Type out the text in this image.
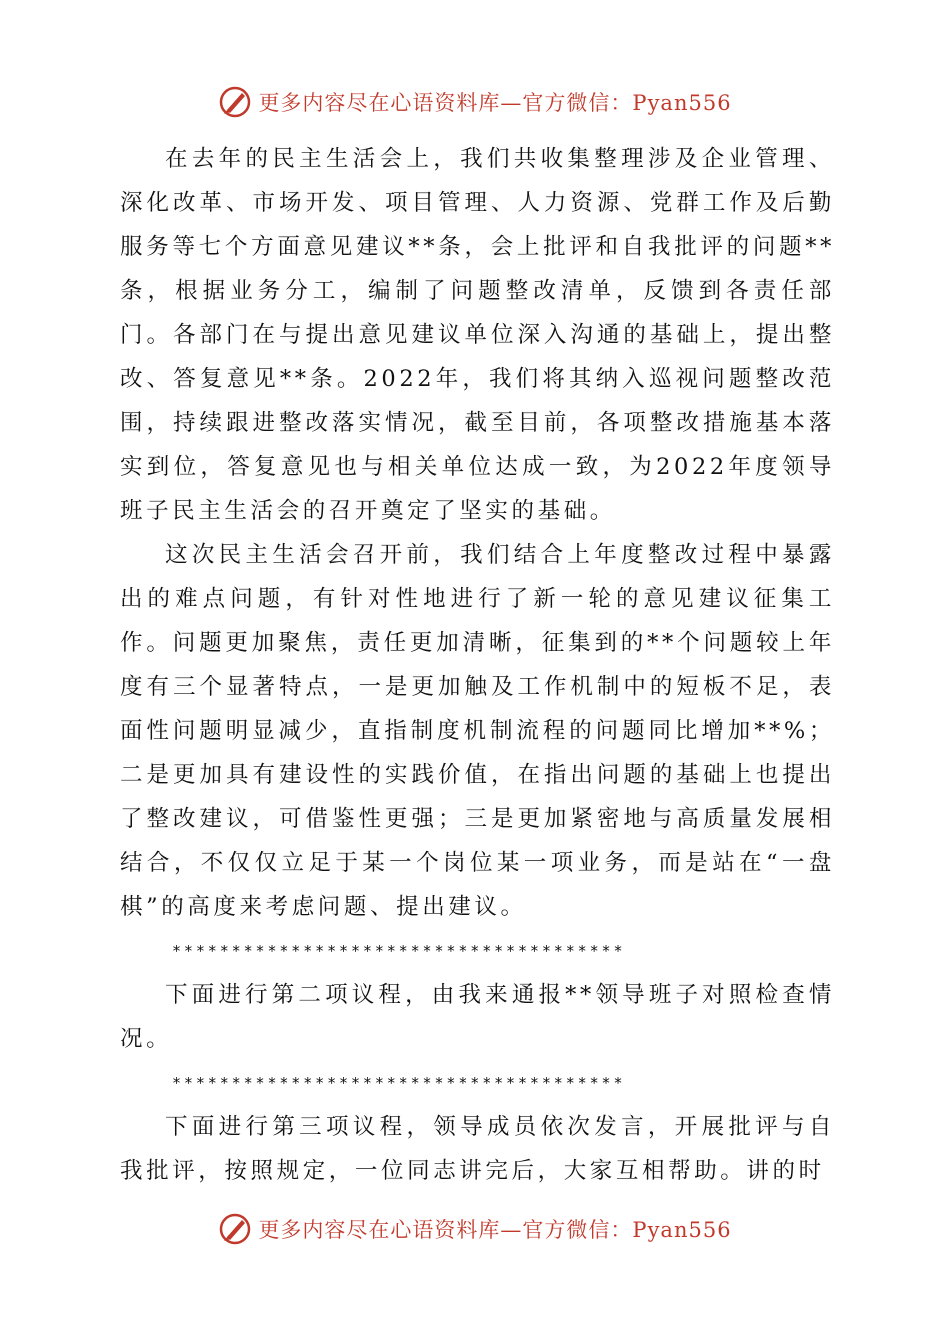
更多内容尽在心语资料库—官方微信：Pyan556

在去年的民主生活会上，我们共收集整理涉及企业管理、深化改革、市场开发、项目管理、人力资源、党群工作及后勤服务等七个方面意见建议**条，会上批评和自我批评的问题**条，根据业务分工，编制了问题整改清单，反馈到各责任部门。各部门在与提出意见建议单位深入沟通的基础上，提出整改、答复意见**条。2022年，我们将其纳入巡视问题整改范围，持续跟进整改落实情况，截至目前，各项整改措施基本落实到位，答复意见也与相关单位达成一致，为2022年度领导班子民主生活会的召开奠定了坚实的基础。

这次民主生活会召开前，我们结合上年度整改过程中暴露出的难点问题，有针对性地进行了新一轮的意见建议征集工作。问题更加聚焦，责任更加清晰，征集到的**个问题较上年度有三个显著特点，一是更加触及工作机制中的短板不足，表面性问题明显减少，直指制度机制流程的问题同比增加**%；二是更加具有建设性的实践价值，在指出问题的基础上也提出了整改建议，可借鉴性更强；三是更加紧密地与高质量发展相结合，不仅仅立足于某一个岗位某一项业务，而是站在“一盘棋”的高度来考虑问题、提出建议。

**************************************

下面进行第二项议程，由我来通报**领导班子对照检查情况。

**************************************

下面进行第三项议程，领导成员依次发言，开展批评与自我批评，按照规定，一位同志讲完后，大家互相帮助。讲的时

更多内容尽在心语资料库—官方微信：Pyan556
